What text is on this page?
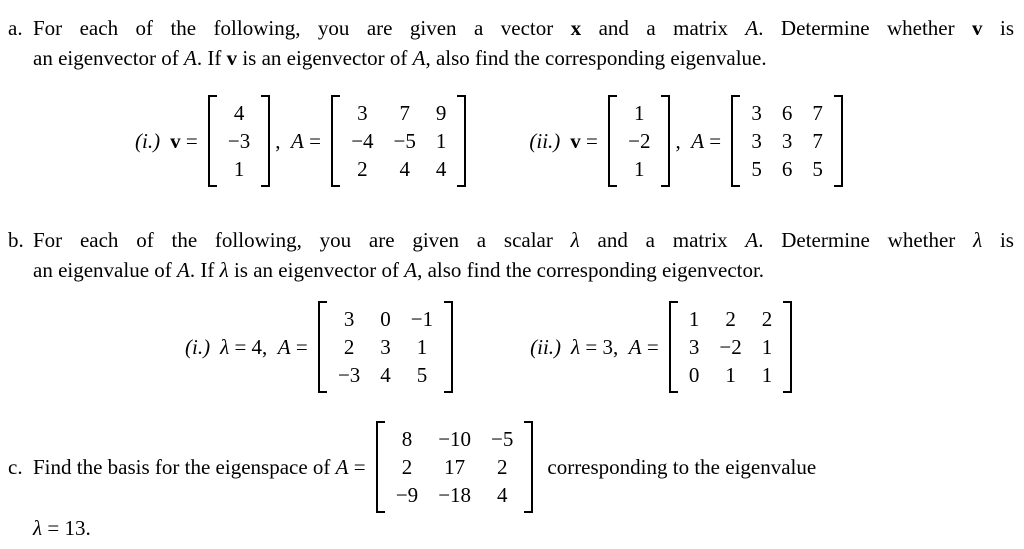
a. For each of the following, you are given a vector x and a matrix A. Determine whether v is
an eigenvector of A. If v is an eigenvector of A, also find the corresponding eigenvalue.
(i.) v =
4
−3
1
,  A =
3 7 9
−4 −5 1
2 4 4
(ii.) v =
1
−2
1
,  A =
3 6 7
3 3 7
5 6 5
b. For each of the following, you are given a scalar λ and a matrix A. Determine whether λ is
an eigenvalue of A. If λ is an eigenvector of A, also find the corresponding eigenvector.
(i.) λ = 4,  A =
3 0 −1
2 3 1
−3 4 5
(ii.) λ = 3,  A =
1 2 2
3 −2 1
0 1 1
c. Find the basis for the eigenspace of A =
8 −10 −5
2 17 2
−9 −18 4
corresponding to the eigenvalue
λ = 13.
